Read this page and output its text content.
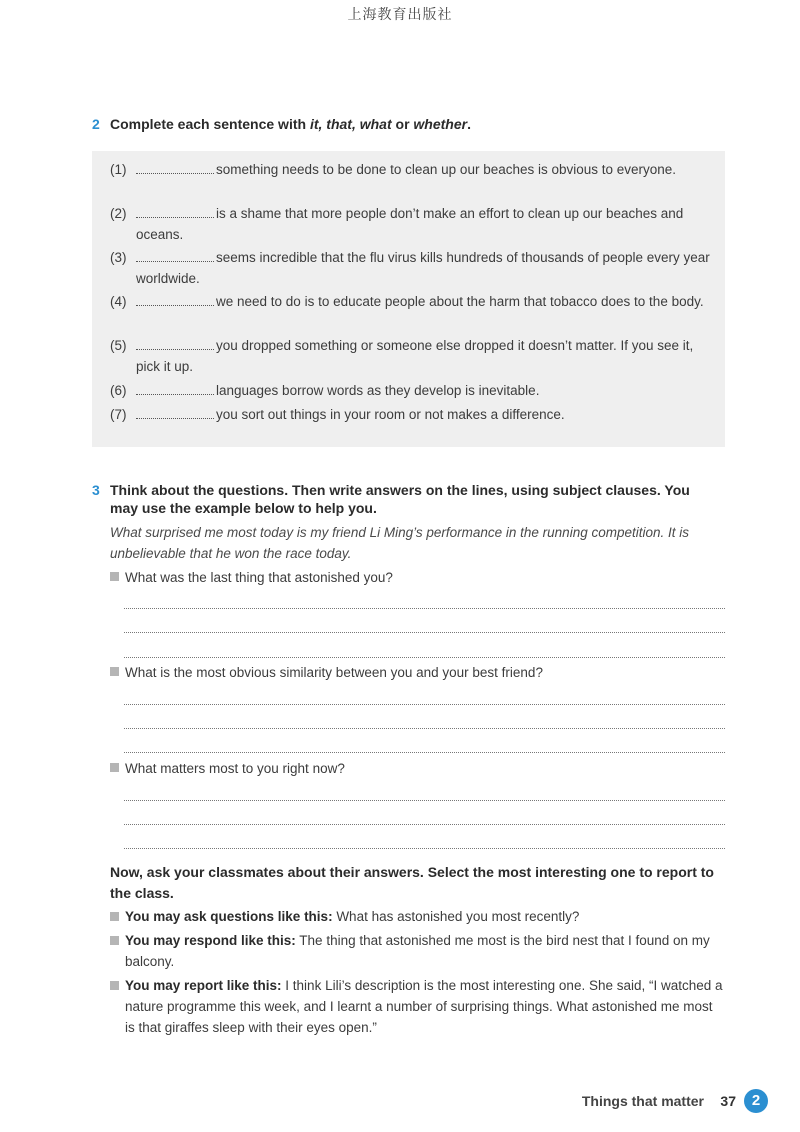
上海教育出版社
2 Complete each sentence with it, that, what or whether.
(1)	something needs to be done to clean up our beaches is obvious to everyone.
(2)	is a shame that more people don’t make an effort to clean up our beaches and oceans.
(3)	seems incredible that the flu virus kills hundreds of thousands of people every year worldwide.
(4)	we need to do is to educate people about the harm that tobacco does to the body.
(5)	you dropped something or someone else dropped it doesn’t matter. If you see it, pick it up.
(6)	languages borrow words as they develop is inevitable.
(7)	you sort out things in your room or not makes a difference.
3 Think about the questions. Then write answers on the lines, using subject clauses. You
may use the example below to help you.
What surprised me most today is my friend Li Ming’s performance in the running competition. It is unbelievable that he won the race today.
What was the last thing that astonished you?
What is the most obvious similarity between you and your best friend?
What matters most to you right now?
Now, ask your classmates about their answers. Select the most interesting one to report to the class.
You may ask questions like this: What has astonished you most recently?
You may respond like this: The thing that astonished me most is the bird nest that I found on my balcony.
You may report like this: I think Lili’s description is the most interesting one. She said, “I watched a nature programme this week, and I learnt a number of surprising things. What astonished me most is that giraffes sleep with their eyes open.”
Things that matter 37	2
